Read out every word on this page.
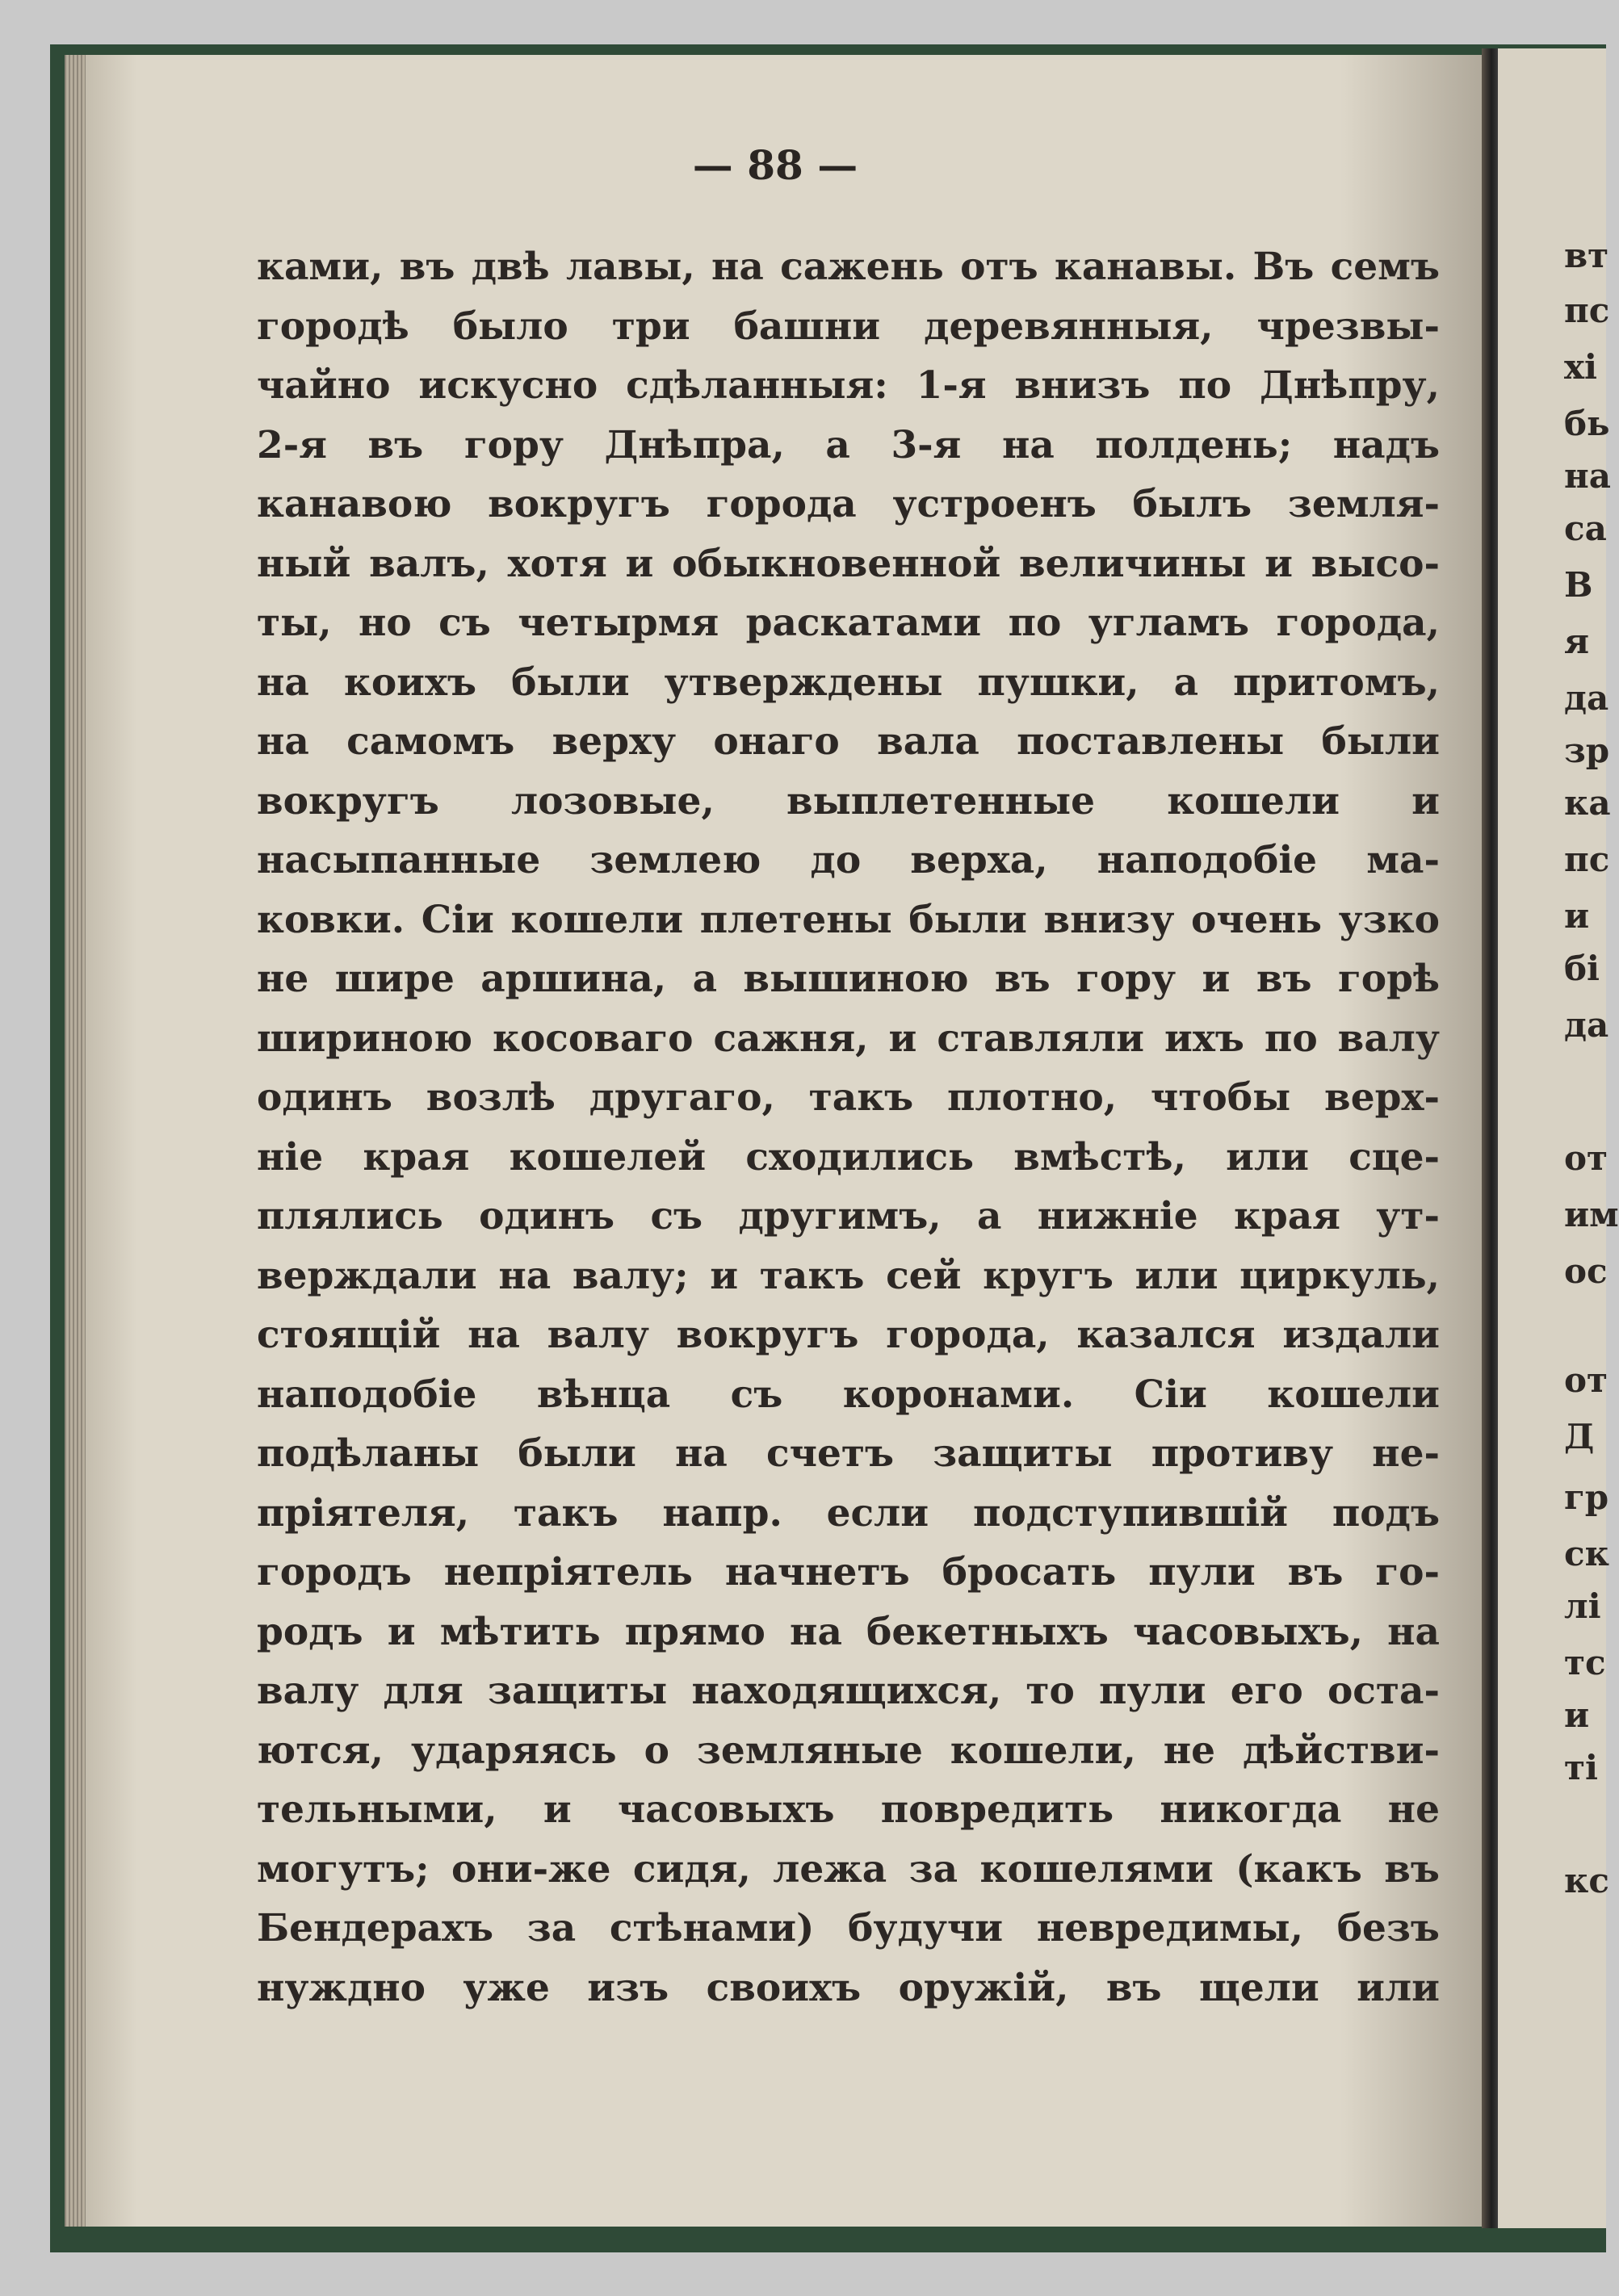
— 88 —
ками, въ двѣ лавы, на сажень отъ канавы. Въ семъ
городѣ было три башни деревянныя, чрезвы-
чайно искусно сдѣланныя: 1-я внизъ по Днѣпру,
2-я въ гору Днѣпра, а 3-я на полдень; надъ
канавою вокругъ города устроенъ былъ земля-
ный валъ, хотя и обыкновенной величины и высо-
ты, но съ четырмя раскатами по угламъ города,
на коихъ были утверждены пушки, а притомъ,
на самомъ верху онаго вала поставлены были
вокругъ лозовые, выплетенные кошели и
насыпанные землею до верха, наподобіе ма-
ковки. Сіи кошели плетены были внизу очень узко
не шире аршина, а вышиною въ гору и въ горѣ
шириною косоваго сажня, и ставляли ихъ по валу
одинъ возлѣ другаго, такъ плотно, чтобы верх-
ніе края кошелей сходились вмѣстѣ, или сце-
плялись одинъ съ другимъ, а нижніе края ут-
верждали на валу; и такъ сей кругъ или циркуль,
стоящій на валу вокругъ города, казался издали
наподобіе вѣнца съ коронами. Сіи кошели
подѣланы были на счетъ защиты противу не-
пріятеля, такъ напр. если подступившій подъ
городъ непріятель начнетъ бросать пули въ го-
родъ и мѣтить прямо на бекетныхъ часовыхъ, на
валу для защиты находящихся, то пули его оста-
ются, ударяясь о земляные кошели, не дѣйстви-
тельными, и часовыхъ повредить никогда не
могутъ; они-же сидя, лежа за кошелями (какъ въ
Бендерахъ за стѣнами) будучи невредимы, безъ
нуждно уже изъ своихъ оружій, въ щели или
вт
пс
хі
бь
на
са
В
я
да
зр
ка
пс
и
бі
да
от
им
ос
от
Д
гр
ск
лі
тс
и
ті
кс
